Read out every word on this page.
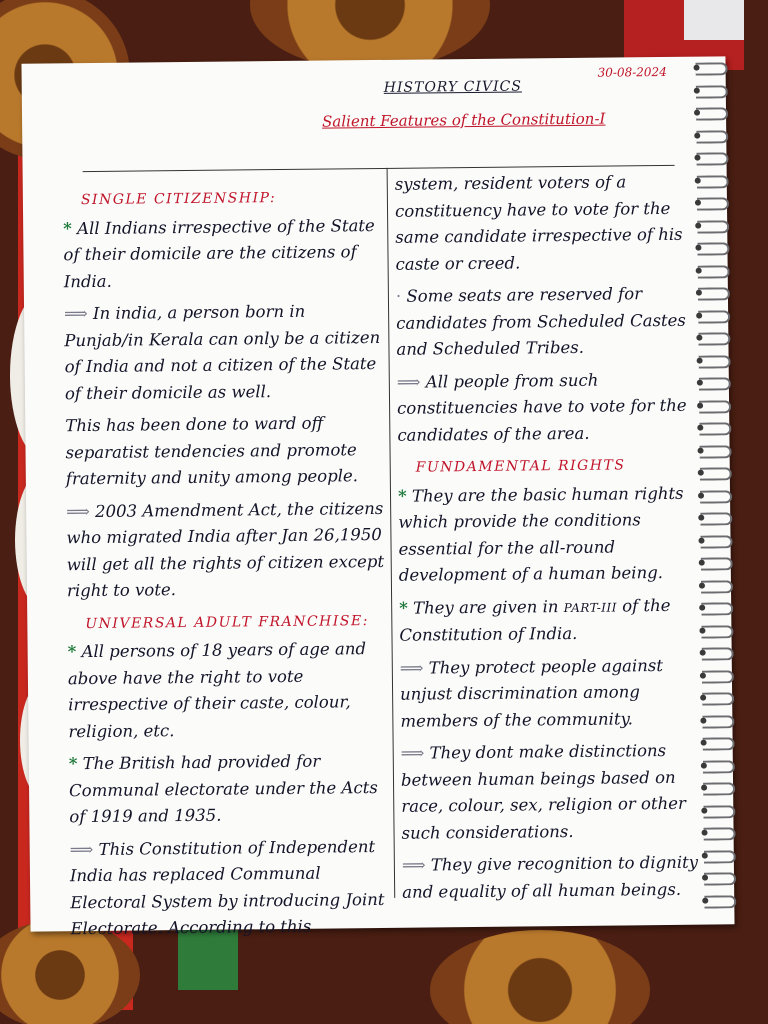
HISTORY CIVICS
30-08-2024
Salient Features of the Constitution-I
SINGLE CITIZENSHIP:
* All Indians irrespective of the State of their domicile are the citizens of India.
⟹ In india, a person born in Punjab/in Kerala can only be a citizen of India and not a citizen of the State of their domicile as well.
This has been done to ward off separatist tendencies and promote fraternity and unity among people.
⟹ 2003 Amendment Act, the citizens who migrated India after Jan 26,1950 will get all the rights of citizen except right to vote.
UNIVERSAL ADULT FRANCHISE:
* All persons of 18 years of age and above have the right to vote irrespective of their caste, colour, religion, etc.
* The British had provided for Communal electorate under the Acts of 1919 and 1935.
⟹ This Constitution of Independent India has replaced Communal Electoral System by introducing Joint Electorate. According to this
system, resident voters of a constituency have to vote for the same candidate irrespective of his caste or creed.
· Some seats are reserved for candidates from Scheduled Castes and Scheduled Tribes.
⟹ All people from such constituencies have to vote for the candidates of the area.
FUNDAMENTAL RIGHTS
* They are the basic human rights which provide the conditions essential for the all-round development of a human being.
* They are given in PART-III of the Constitution of India.
⟹ They protect people against unjust discrimination among members of the community.
⟹ They dont make distinctions between human beings based on race, colour, sex, religion or other such considerations.
⟹ They give recognition to dignity and equality of all human beings.
